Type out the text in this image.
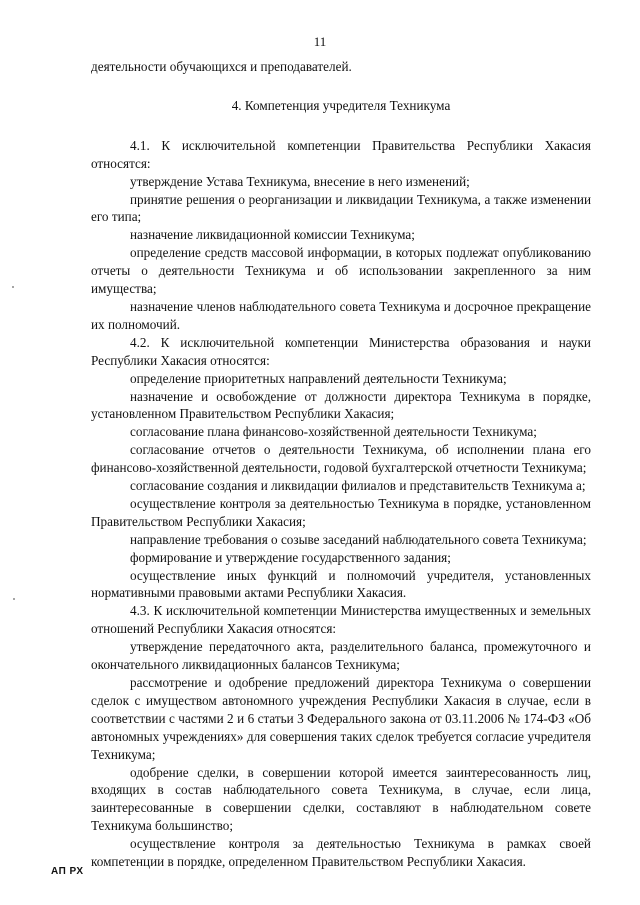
11

деятельности обучающихся и преподавателей.

4. Компетенция учредителя Техникума

4.1. К исключительной компетенции Правительства Республики Хакасия относятся:

утверждение Устава Техникума, внесение в него изменений;

принятие решения о реорганизации и ликвидации Техникума, а также изменении его типа;

назначение ликвидационной комиссии Техникума;

определение средств массовой информации, в которых подлежат опубликованию отчеты о деятельности Техникума и об использовании закрепленного за ним имущества;

назначение членов наблюдательного совета Техникума и досрочное прекращение их полномочий.

4.2. К исключительной компетенции Министерства образования и науки Республики Хакасия относятся:

определение приоритетных направлений деятельности Техникума;

назначение и освобождение от должности директора Техникума в порядке, установленном Правительством Республики Хакасия;

согласование плана финансово-хозяйственной деятельности Техникума;

согласование отчетов о деятельности Техникума, об исполнении плана его финансово-хозяйственной деятельности, годовой бухгалтерской отчетности Техникума;

согласование создания и ликвидации филиалов и представительств Техникума а;

осуществление контроля за деятельностью Техникума в порядке, установленном Правительством Республики Хакасия;

направление требования о созыве заседаний наблюдательного совета Техникума;

формирование и утверждение государственного задания;

осуществление иных функций и полномочий учредителя, установленных нормативными правовыми актами Республики Хакасия.

4.3. К исключительной компетенции Министерства имущественных и земельных отношений Республики Хакасия относятся:

утверждение передаточного акта, разделительного баланса, промежуточного и окончательного ликвидационных балансов Техникума;

рассмотрение и одобрение предложений директора Техникума о совершении сделок с имуществом автономного учреждения Республики Хакасия в случае, если в соответствии с частями 2 и 6 статьи 3 Федерального закона от 03.11.2006 № 174-ФЗ «Об автономных учреждениях» для совершения таких сделок требуется согласие учредителя Техникума;

одобрение сделки, в совершении которой имеется заинтересованность лиц, входящих в состав наблюдательного совета Техникума, в случае, если лица, заинтересованные в совершении сделки, составляют в наблюдательном совете Техникума большинство;

осуществление контроля за деятельностью Техникума в рамках своей компетенции в порядке, определенном Правительством Республики Хакасия.

АП РХ
